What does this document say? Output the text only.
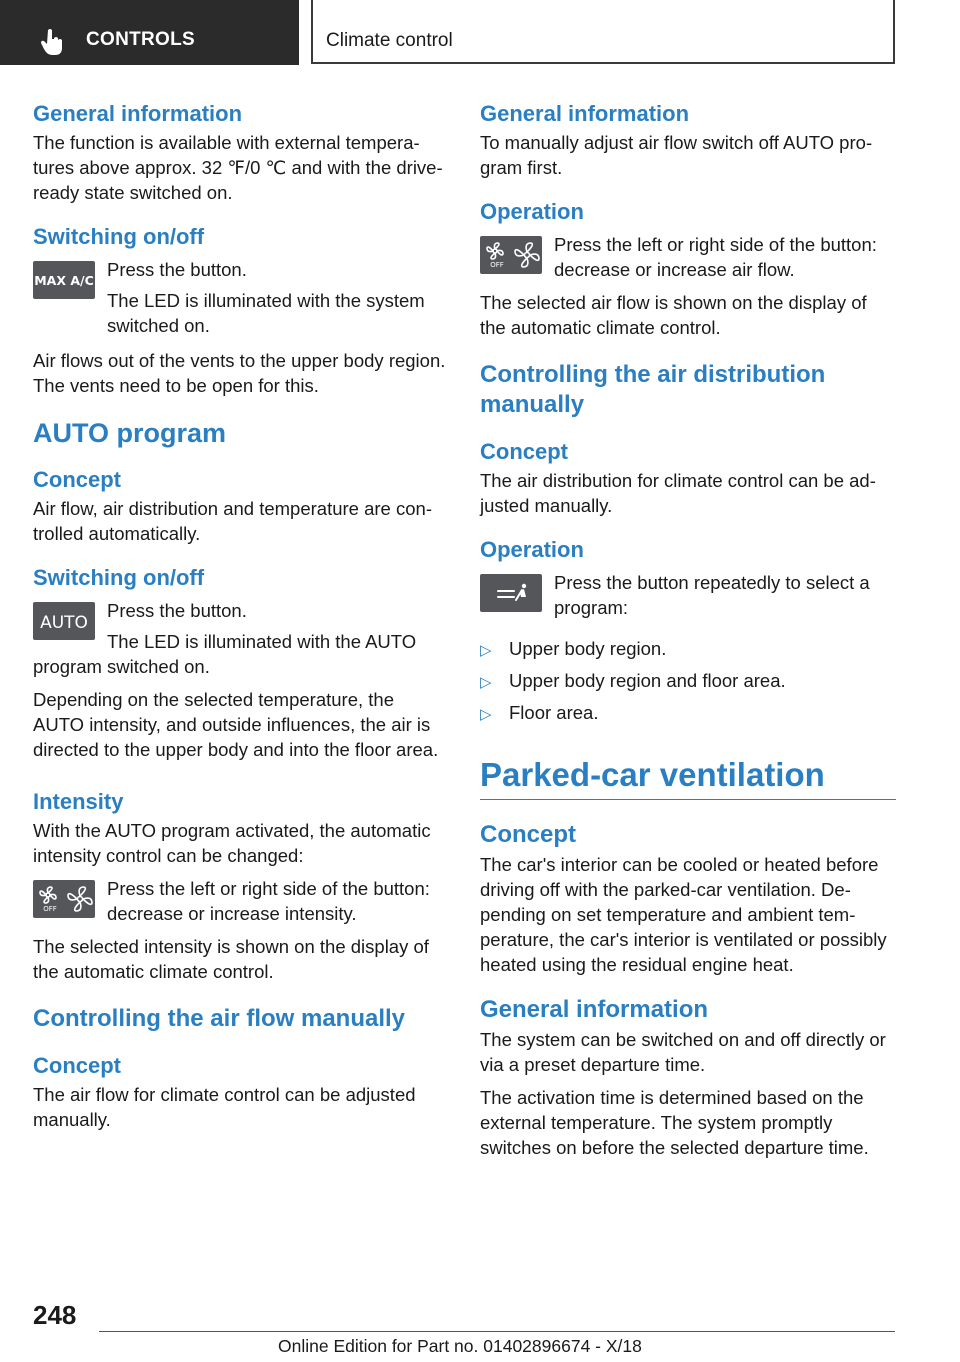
CONTROLS	Climate control
General information

The function is available with external temperatures above approx. 32 ℉/0 ℃ and with the drive-ready state switched on.

Switching on/off
MAX A/C

Press the button.

The LED is illuminated with the system switched on.

Air flows out of the vents to the upper body region. The vents need to be open for this.

AUTO program
Concept

Air flow, air distribution and temperature are controlled automatically.

Switching on/off
AUTO

Press the button.

The LED is illuminated with the AUTO program switched on.

Depending on the selected temperature, the AUTO intensity, and outside influences, the air is directed to the upper body and into the floor area.

Intensity

With the AUTO program activated, the automatic intensity control can be changed:

OFF

Press the left or right side of the button: decrease or increase intensity.

The selected intensity is shown on the display of the automatic climate control.

Controlling the air flow manually
Concept

The air flow for climate control can be adjusted manually.

General information

To manually adjust air flow switch off AUTO program first.

Operation
OFF

Press the left or right side of the button: decrease or increase air flow.

The selected air flow is shown on the display of the automatic climate control.

Controlling the air distribution manually
Concept

The air distribution for climate control can be adjusted manually.

Operation

Press the button repeatedly to select a program:

▷ Upper body region.
▷ Upper body region and floor area.
▷ Floor area.
Parked-car ventilation
Concept

The car's interior can be cooled or heated before driving off with the parked-car ventilation. Depending on set temperature and ambient temperature, the car's interior is ventilated or possibly heated using the residual engine heat.

General information

The system can be switched on and off directly or via a preset departure time.

The activation time is determined based on the external temperature. The system promptly switches on before the selected departure time.

248
Online Edition for Part no. 01402896674 - X/18
